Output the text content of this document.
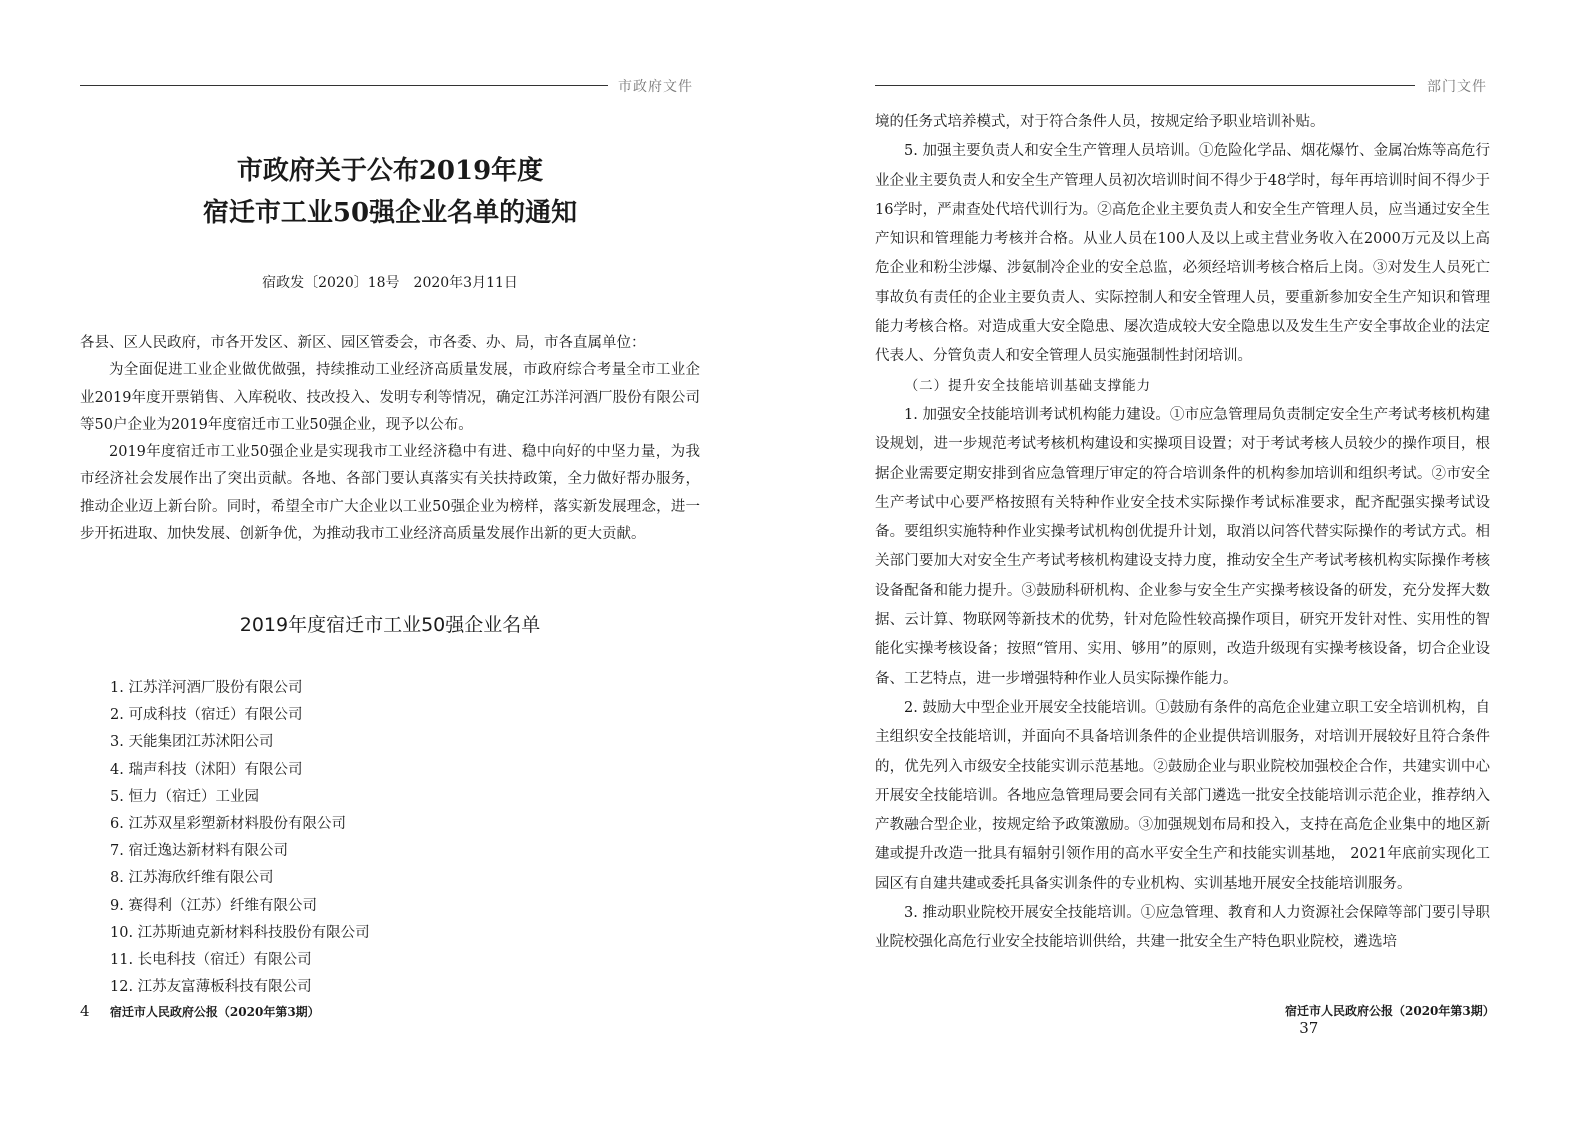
市政府文件
市政府关于公布2019年度
宿迁市工业50强企业名单的通知
宿政发〔2020〕18号　2020年3月11日

各县、区人民政府，市各开发区、新区、园区管委会，市各委、办、局，市各直属单位：

为全面促进工业企业做优做强，持续推动工业经济高质量发展，市政府综合考量全市工业企业2019年度开票销售、入库税收、技改投入、发明专利等情况，确定江苏洋河酒厂股份有限公司等50户企业为2019年度宿迁市工业50强企业，现予以公布。

2019年度宿迁市工业50强企业是实现我市工业经济稳中有进、稳中向好的中坚力量，为我市经济社会发展作出了突出贡献。各地、各部门要认真落实有关扶持政策，全力做好帮办服务，推动企业迈上新台阶。同时，希望全市广大企业以工业50强企业为榜样，落实新发展理念，进一步开拓进取、加快发展、创新争优，为推动我市工业经济高质量发展作出新的更大贡献。

2019年度宿迁市工业50强企业名单
1. 江苏洋河酒厂股份有限公司
2. 可成科技（宿迁）有限公司
3. 天能集团江苏沭阳公司
4. 瑞声科技（沭阳）有限公司
5. 恒力（宿迁）工业园
6. 江苏双星彩塑新材料股份有限公司
7. 宿迁逸达新材料有限公司
8. 江苏海欣纤维有限公司
9. 赛得利（江苏）纤维有限公司
10. 江苏斯迪克新材料科技股份有限公司
11. 长电科技（宿迁）有限公司
12. 江苏友富薄板科技有限公司
4 宿迁市人民政府公报（2020年第3期）
部门文件

境的任务式培养模式，对于符合条件人员，按规定给予职业培训补贴。

5. 加强主要负责人和安全生产管理人员培训。①危险化学品、烟花爆竹、金属冶炼等高危行业企业主要负责人和安全生产管理人员初次培训时间不得少于48学时，每年再培训时间不得少于16学时，严肃查处代培代训行为。②高危企业主要负责人和安全生产管理人员，应当通过安全生产知识和管理能力考核并合格。从业人员在100人及以上或主营业务收入在2000万元及以上高危企业和粉尘涉爆、涉氨制冷企业的安全总监，必须经培训考核合格后上岗。③对发生人员死亡事故负有责任的企业主要负责人、实际控制人和安全管理人员，要重新参加安全生产知识和管理能力考核合格。对造成重大安全隐患、屡次造成较大安全隐患以及发生生产安全事故企业的法定代表人、分管负责人和安全管理人员实施强制性封闭培训。

（二）提升安全技能培训基础支撑能力

1. 加强安全技能培训考试机构能力建设。①市应急管理局负责制定安全生产考试考核机构建设规划，进一步规范考试考核机构建设和实操项目设置；对于考试考核人员较少的操作项目，根据企业需要定期安排到省应急管理厅审定的符合培训条件的机构参加培训和组织考试。②市安全生产考试中心要严格按照有关特种作业安全技术实际操作考试标准要求，配齐配强实操考试设备。要组织实施特种作业实操考试机构创优提升计划，取消以问答代替实际操作的考试方式。相关部门要加大对安全生产考试考核机构建设支持力度，推动安全生产考试考核机构实际操作考核设备配备和能力提升。③鼓励科研机构、企业参与安全生产实操考核设备的研发，充分发挥大数据、云计算、物联网等新技术的优势，针对危险性较高操作项目，研究开发针对性、实用性的智能化实操考核设备；按照“管用、实用、够用”的原则，改造升级现有实操考核设备，切合企业设备、工艺特点，进一步增强特种作业人员实际操作能力。

2. 鼓励大中型企业开展安全技能培训。①鼓励有条件的高危企业建立职工安全培训机构，自主组织安全技能培训，并面向不具备培训条件的企业提供培训服务，对培训开展较好且符合条件的，优先列入市级安全技能实训示范基地。②鼓励企业与职业院校加强校企合作，共建实训中心开展安全技能培训。各地应急管理局要会同有关部门遴选一批安全技能培训示范企业，推荐纳入产教融合型企业，按规定给予政策激励。③加强规划布局和投入，支持在高危企业集中的地区新建或提升改造一批具有辐射引领作用的高水平安全生产和技能实训基地， 2021年底前实现化工园区有自建共建或委托具备实训条件的专业机构、实训基地开展安全技能培训服务。

3. 推动职业院校开展安全技能培训。①应急管理、教育和人力资源社会保障等部门要引导职业院校强化高危行业安全技能培训供给，共建一批安全生产特色职业院校，遴选培

宿迁市人民政府公报（2020年第3期）  37
